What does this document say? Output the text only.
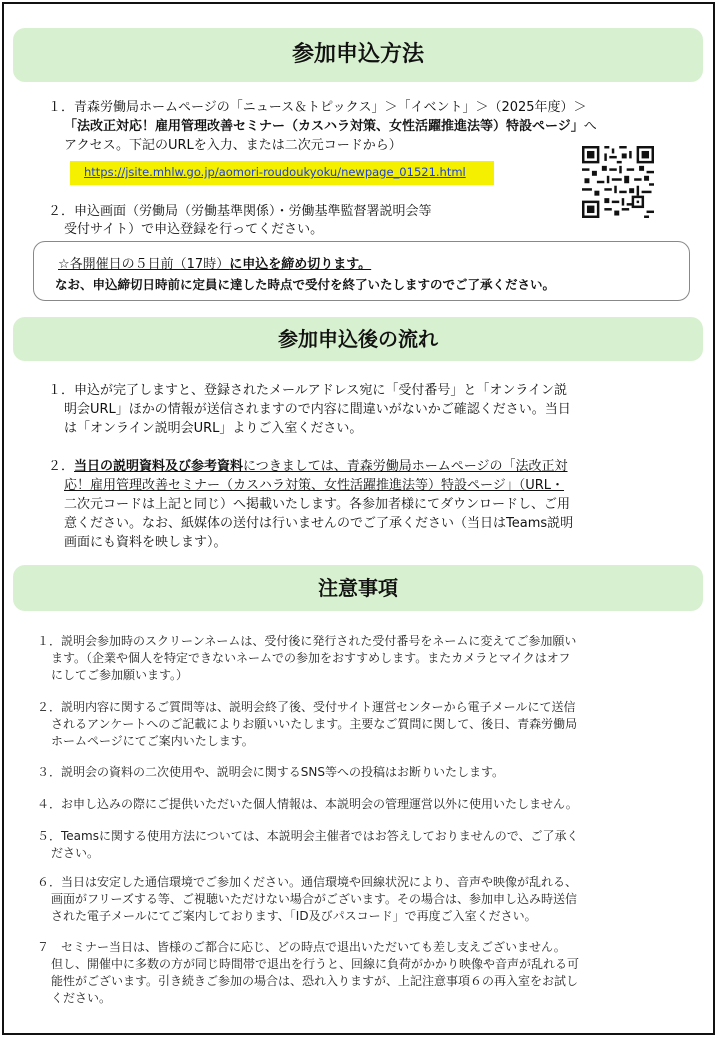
参加申込方法
１．青森労働局ホームページの「ニュース＆トピックス」＞「イベント」＞（2025年度）＞
「法改正対応！雇用管理改善セミナー（カスハラ対策、女性活躍推進法等）特設ページ」へ
アクセス。下記のURLを入力、または二次元コードから）
https://jsite.mhlw.go.jp/aomori-roudoukyoku/newpage_01521.html
２．申込画面（労働局（労働基準関係）・労働基準監督署説明会等
受付サイト）で申込登録を行ってください。
☆各開催日の５日前（17時）に申込を締め切ります。
なお、申込締切日時前に定員に達した時点で受付を終了いたしますのでご了承ください。
参加申込後の流れ
１．申込が完了しますと、登録されたメールアドレス宛に「受付番号」と「オンライン説
明会URL」ほかの情報が送信されますので内容に間違いがないかご確認ください。当日
は「オンライン説明会URL」よりご入室ください。
２．当日の説明資料及び参考資料につきましては、青森労働局ホームページの「法改正対
応！雇用管理改善セミナー（カスハラ対策、女性活躍推進法等）特設ページ」（URL・
二次元コードは上記と同じ）へ掲載いたします。各参加者様にてダウンロードし、ご用
意ください。なお、紙媒体の送付は行いませんのでご了承ください（当日はTeams説明
画面にも資料を映します）。
注意事項
１．説明会参加時のスクリーンネームは、受付後に発行された受付番号をネームに変えてご参加願い
ます。（企業や個人を特定できないネームでの参加をおすすめします。またカメラとマイクはオフ
にしてご参加願います。）
２．説明内容に関するご質問等は、説明会終了後、受付サイト運営センターから電子メールにて送信
されるアンケートへのご記載によりお願いいたします。主要なご質問に関して、後日、青森労働局
ホームページにてご案内いたします。
３．説明会の資料の二次使用や、説明会に関するSNS等への投稿はお断りいたします。
４．お申し込みの際にご提供いただいた個人情報は、本説明会の管理運営以外に使用いたしません。
５．Teamsに関する使用方法については、本説明会主催者ではお答えしておりませんので、ご了承く
ださい。
６．当日は安定した通信環境でご参加ください。通信環境や回線状況により、音声や映像が乱れる、
画面がフリーズする等、ご視聴いただけない場合がございます。その場合は、参加申し込み時送信
された電子メールにてご案内しております、「ID及びパスコード」で再度ご入室ください。
７　セミナー当日は、皆様のご都合に応じ、どの時点で退出いただいても差し支えございません。
但し、開催中に多数の方が同じ時間帯で退出を行うと、回線に負荷がかかり映像や音声が乱れる可
能性がございます。引き続きご参加の場合は、恐れ入りますが、上記注意事項６の再入室をお試し
ください。
